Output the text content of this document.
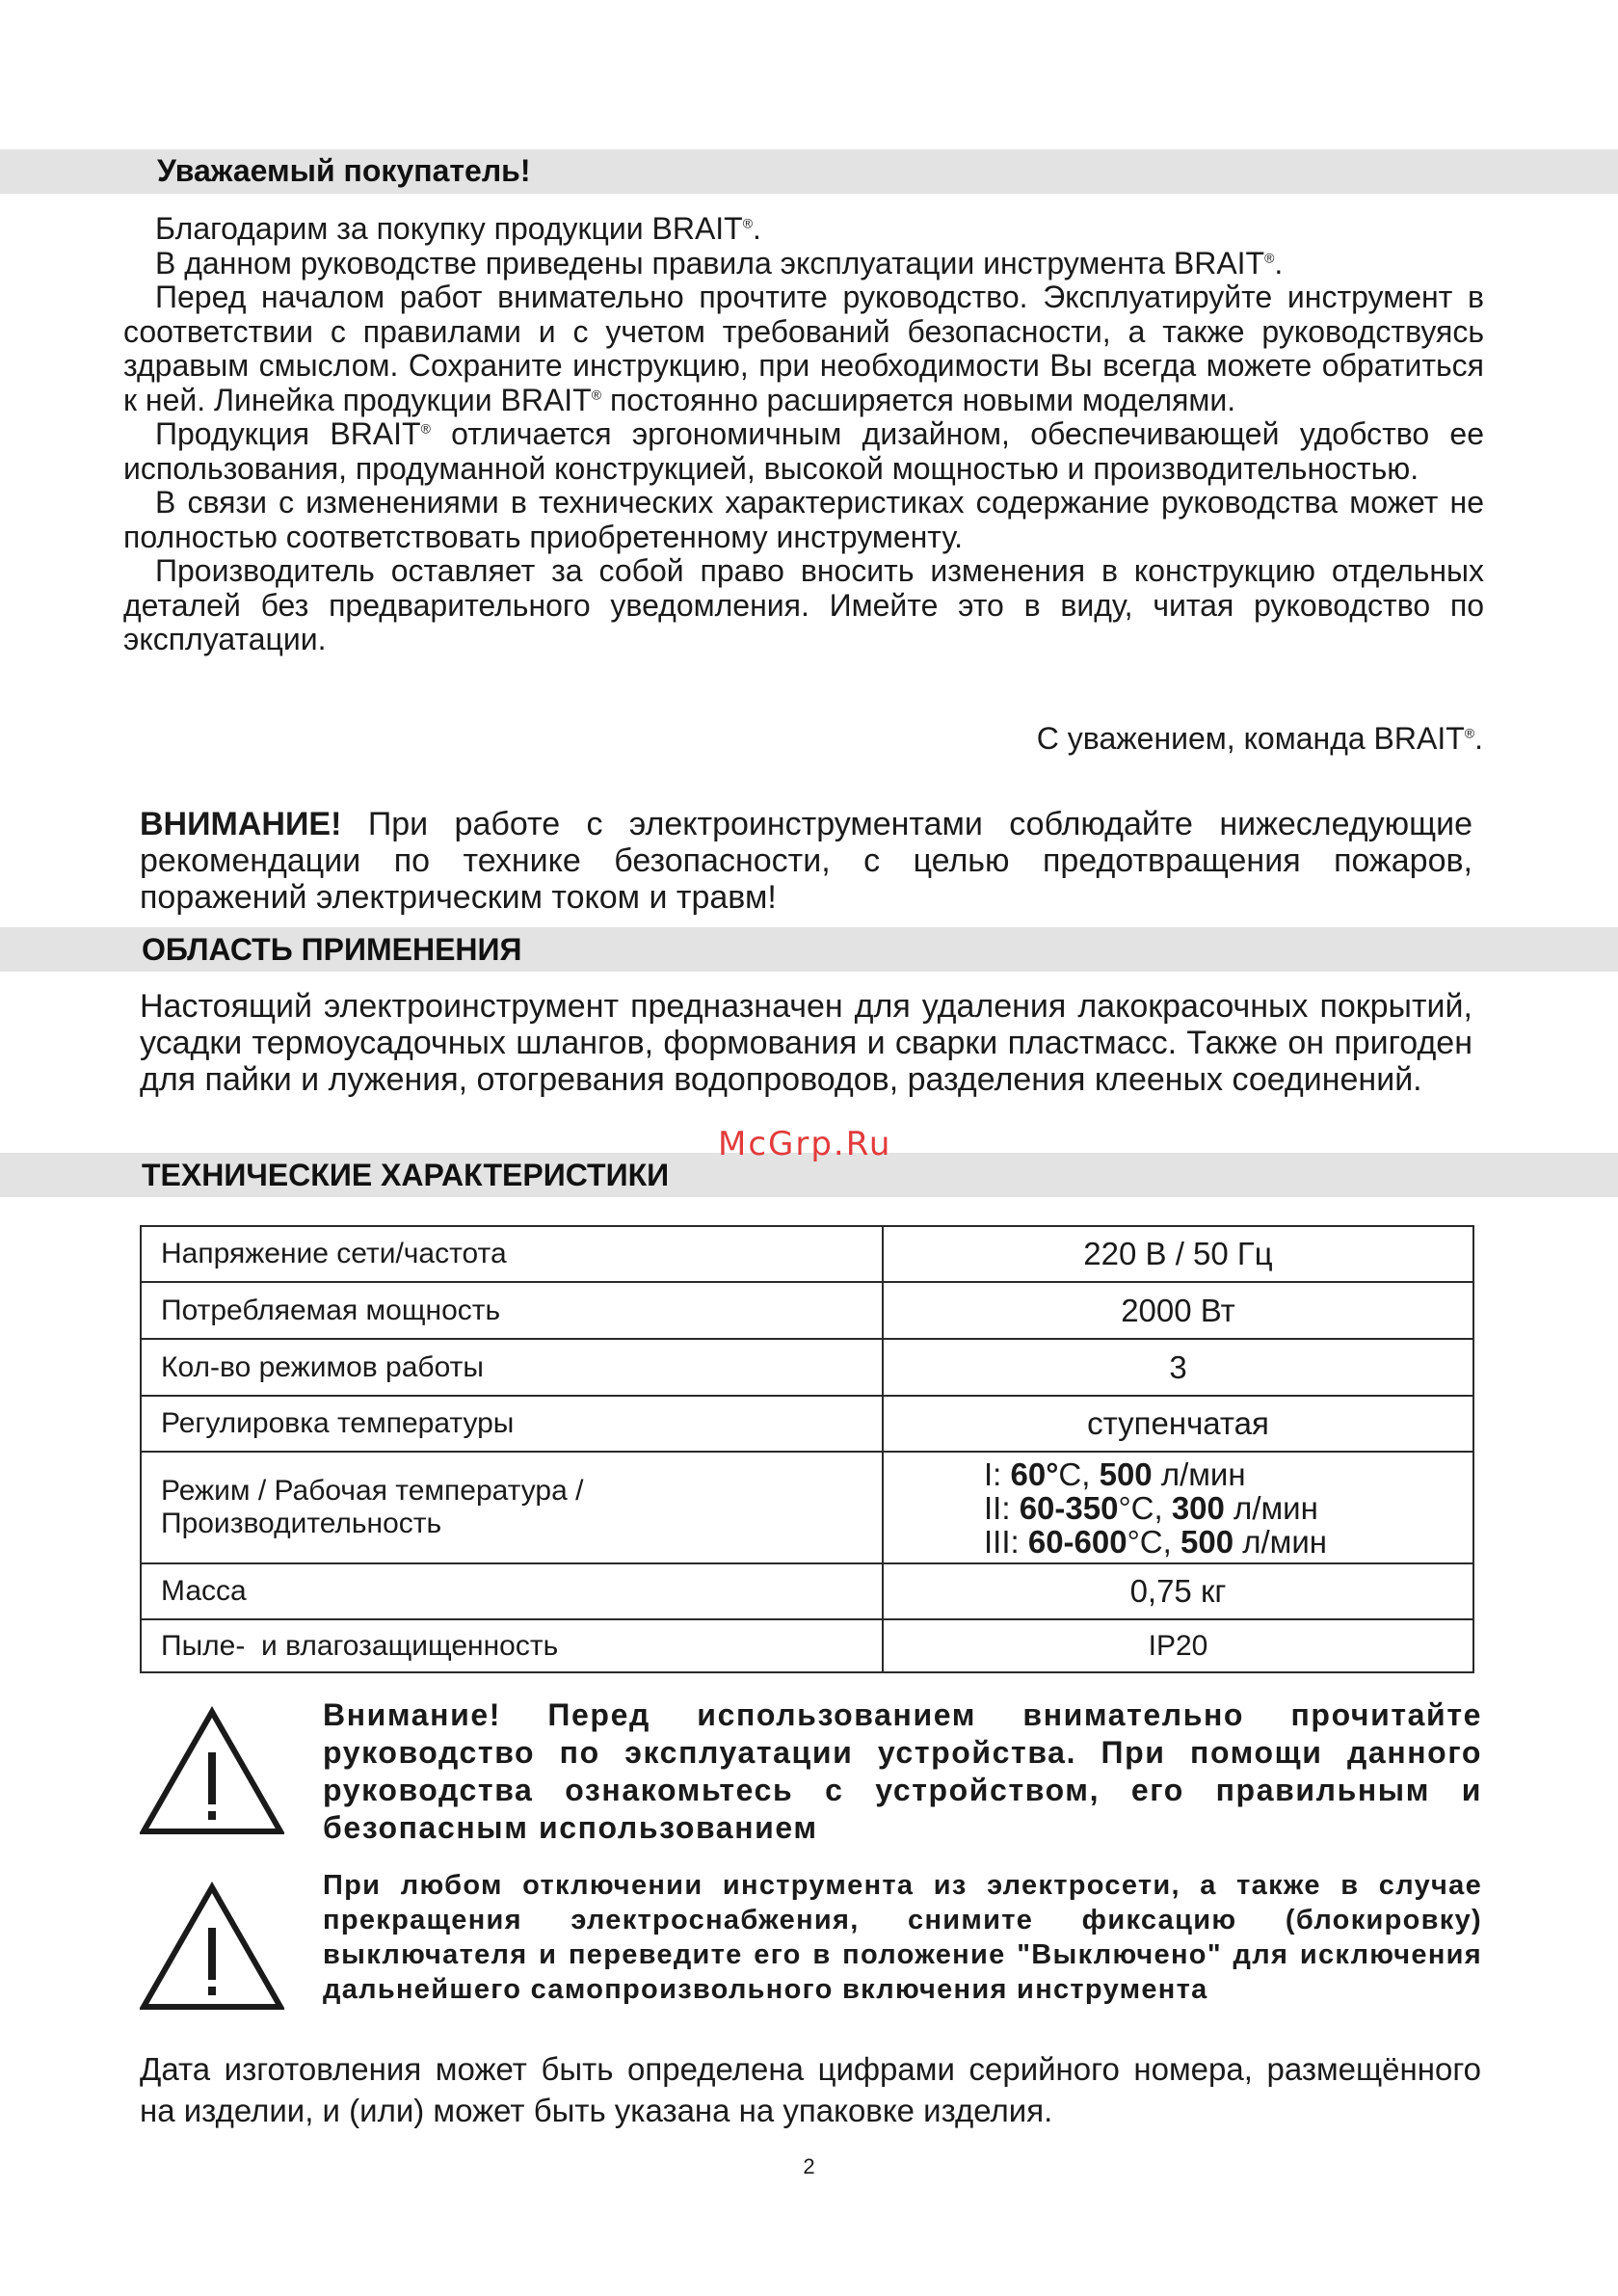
Уважаемый покупатель!

Благодарим за покупку продукции BRAIT®.

В данном руководстве приведены правила эксплуатации инструмента BRAIT®.

Перед началом работ внимательно прочтите руководство. Эксплуатируйте инструмент в соответствии с правилами и с учетом требований безопасности, а также руководствуясь здравым смыслом. Сохраните инструкцию, при необходимости Вы всегда можете обратиться к ней. Линейка продукции BRAIT® постоянно расширяется новыми моделями.

Продукция BRAIT® отличается эргономичным дизайном, обеспечивающей удобство ее использования, продуманной конструкцией, высокой мощностью и производительностью.

В связи с изменениями в технических характеристиках содержание руководства может не полностью соответствовать приобретенному инструменту.

Производитель оставляет за собой право вносить изменения в конструкцию отдельных деталей без предварительного уведомления. Имейте это в виду, читая руководство по эксплуатации.

С уважением, команда BRAIT®.

ВНИМАНИЕ! При работе с электроинструментами соблюдайте нижеследующие рекомендации по технике безопасности, с целью предотвращения пожаров, поражений электрическим током и травм!

ОБЛАСТЬ ПРИМЕНЕНИЯ

Настоящий электроинструмент предназначен для удаления лакокрасочных покрытий, усадки термоусадочных шлангов, формования и сварки пластмасс. Также он пригоден для пайки и лужения, отогревания водопроводов, разделения клееных соединений.

ТЕХНИЧЕСКИЕ ХАРАКТЕРИСТИКИ
McGrp.Ru
Напряжение сети/частота	220 В / 50 Гц
Потребляемая мощность	2000 Вт
Кол-во режимов работы	3
Регулировка температуры	ступенчатая
Режим / Рабочая температура / Производительность	I: 60°С, 500 л/мин
II: 60-350°С, 300 л/мин
III: 60-600°С, 500 л/мин

Масса	0,75 кг
Пыле-  и влагозащищенность	IP20

Внимание! Перед использованием внимательно прочитайте руководство по эксплуатации устройства. При помощи данного руководства ознакомьтесь с устройством, его правильным и безопасным использованием

При любом отключении инструмента из электросети, а также в случае прекращения электроснабжения, снимите фиксацию (блокировку) выключателя и переведите его в положение "Выключено" для исключения дальнейшего самопроизвольного включения инструмента

Дата изготовления может быть определена цифрами серийного номера, размещённого на изделии, и (или) может быть указана на упаковке изделия.

2
